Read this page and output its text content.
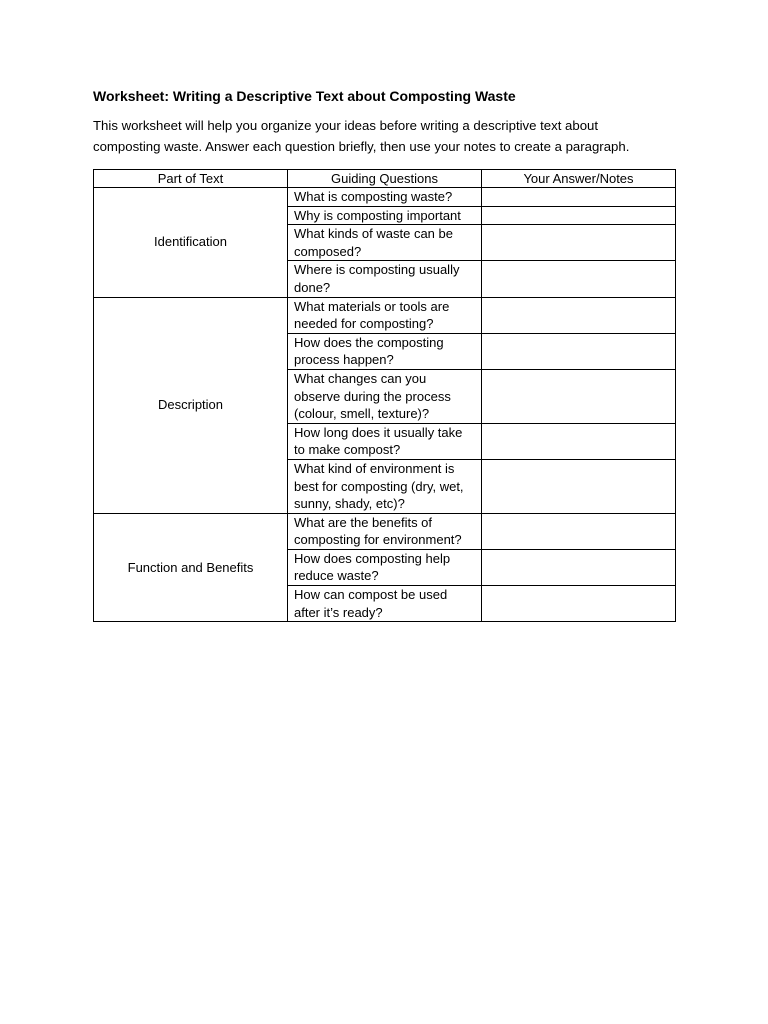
Worksheet: Writing a Descriptive Text about Composting Waste

This worksheet will help you organize your ideas before writing a descriptive text about
composting waste. Answer each question briefly, then use your notes to create a paragraph.

Part of Text	Guiding Questions	Your Answer/Notes
Identification	What is composting waste?	
	Why is composting important	
	What kinds of waste can be composed?	
	Where is composting usually done?	
Description	What materials or tools are needed for composting?	
	How does the composting process happen?	
	What changes can you observe during the process (colour, smell, texture)?	
	How long does it usually take to make compost?	
	What kind of environment is best for composting (dry, wet, sunny, shady, etc)?	
Function and Benefits	What are the benefits of composting for environment?	
	How does composting help reduce waste?	
	How can compost be used after it’s ready?	
